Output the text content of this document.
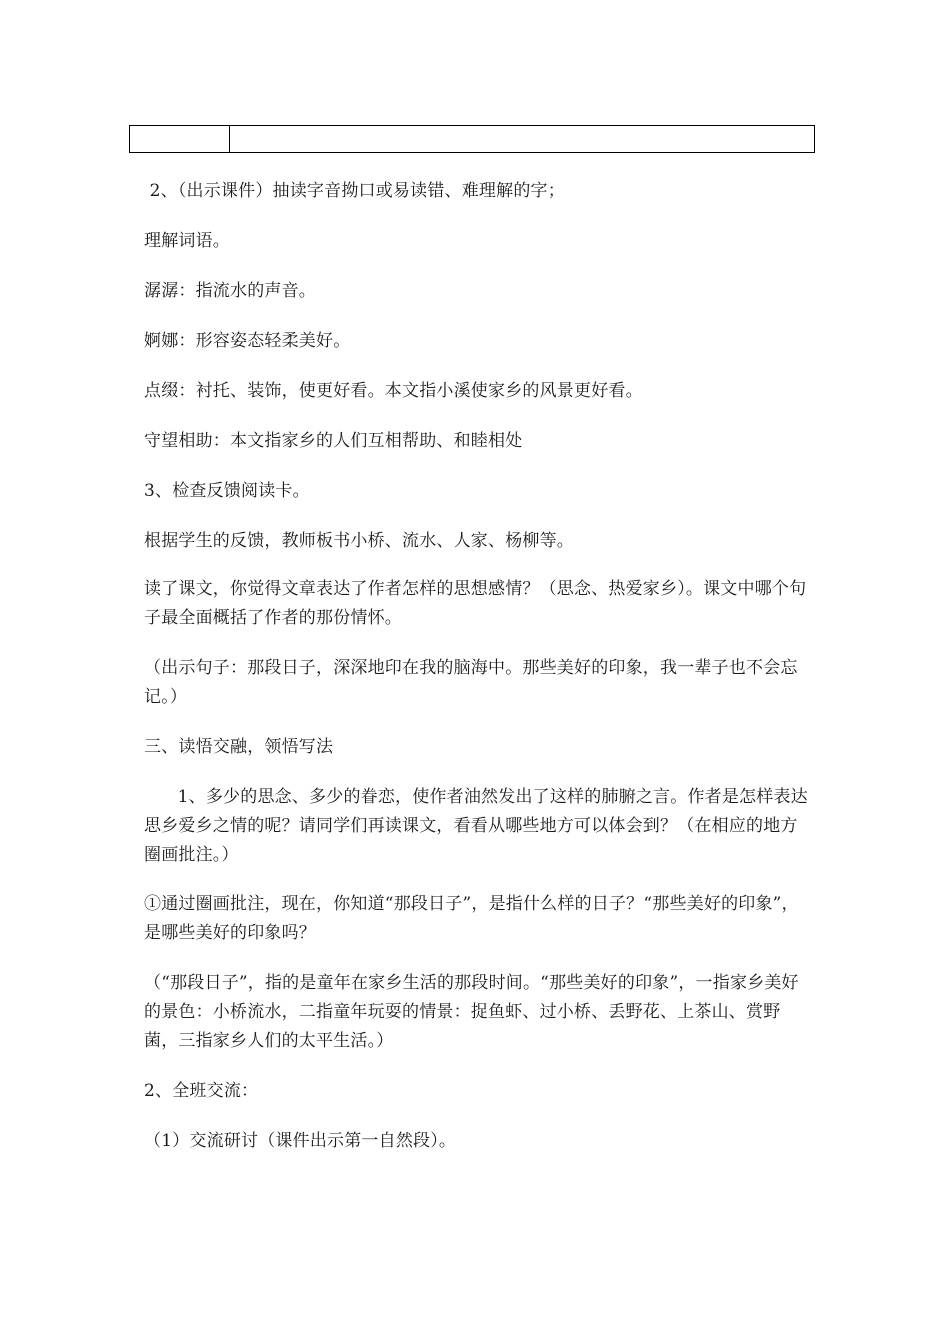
2、（出示课件）抽读字音拗口或易读错、难理解的字；

理解词语。

潺潺：指流水的声音。

婀娜：形容姿态轻柔美好。

点缀：衬托、装饰，使更好看。本文指小溪使家乡的风景更好看。

守望相助：本文指家乡的人们互相帮助、和睦相处

3、检查反馈阅读卡。

根据学生的反馈，教师板书小桥、流水、人家、杨柳等。

读了课文，你觉得文章表达了作者怎样的思想感情？（思念、热爱家乡）。课文中哪个句子最全面概括了作者的那份情怀。

（出示句子：那段日子，深深地印在我的脑海中。那些美好的印象，我一辈子也不会忘记。）

三、读悟交融，领悟写法

1、多少的思念、多少的眷恋，使作者油然发出了这样的肺腑之言。作者是怎样表达思乡爱乡之情的呢？请同学们再读课文，看看从哪些地方可以体会到？（在相应的地方圈画批注。）

①通过圈画批注，现在，你知道“那段日子”，是指什么样的日子？“那些美好的印象”，是哪些美好的印象吗？

（“那段日子”，指的是童年在家乡生活的那段时间。“那些美好的印象”，一指家乡美好的景色：小桥流水，二指童年玩耍的情景：捉鱼虾、过小桥、丢野花、上茶山、赏野菌，三指家乡人们的太平生活。）

2、全班交流：

（1）交流研讨（课件出示第一自然段）。
